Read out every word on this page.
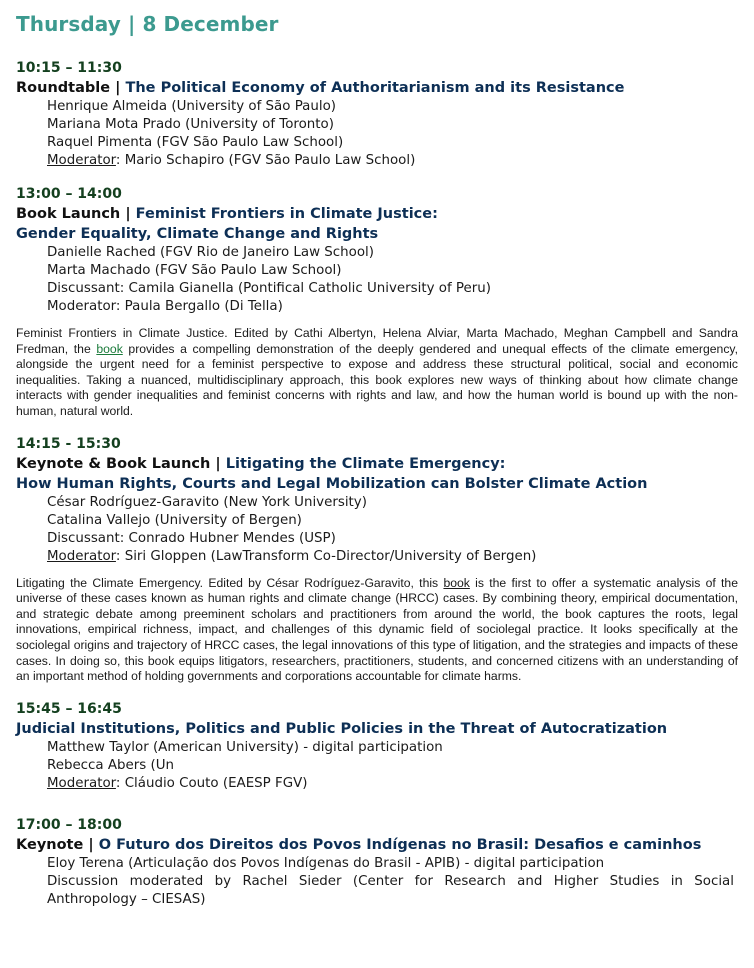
Thursday | 8 December

10:15 – 11:30

Roundtable | The Political Economy of Authoritarianism and its Resistance

Henrique Almeida (University of São Paulo)
Mariana Mota Prado (University of Toronto)
Raquel Pimenta (FGV São Paulo Law School)
Moderator: Mario Schapiro (FGV São Paulo Law School)

13:00 – 14:00

Book Launch | Feminist Frontiers in Climate Justice:

Gender Equality, Climate Change and Rights

Danielle Rached (FGV Rio de Janeiro Law School)
Marta Machado (FGV São Paulo Law School)
Discussant: Camila Gianella (Pontifical Catholic University of Peru)
Moderator: Paula Bergallo (Di Tella)

Feminist Frontiers in Climate Justice. Edited by Cathi Albertyn, Helena Alviar, Marta Machado, Meghan Campbell and Sandra Fredman, the book provides a compelling demonstration of the deeply gendered and unequal effects of the climate emergency, alongside the urgent need for a feminist perspective to expose and address these structural political, social and economic inequalities. Taking a nuanced, multidisciplinary approach, this book explores new ways of thinking about how climate change interacts with gender inequalities and feminist concerns with rights and law, and how the human world is bound up with the non-human, natural world.

14:15 - 15:30

Keynote & Book Launch | Litigating the Climate Emergency:

How Human Rights, Courts and Legal Mobilization can Bolster Climate Action

César Rodríguez-Garavito (New York University)
Catalina Vallejo (University of Bergen)
Discussant: Conrado Hubner Mendes (USP)
Moderator: Siri Gloppen (LawTransform Co-Director/University of Bergen)

Litigating the Climate Emergency. Edited by César Rodríguez-Garavito, this book is the first to offer a systematic analysis of the universe of these cases known as human rights and climate change (HRCC) cases. By combining theory, empirical documentation, and strategic debate among preeminent scholars and practitioners from around the world, the book captures the roots, legal innovations, empirical richness, impact, and challenges of this dynamic field of sociolegal practice. It looks specifically at the sociolegal origins and trajectory of HRCC cases, the legal innovations of this type of litigation, and the strategies and impacts of these cases. In doing so, this book equips litigators, researchers, practitioners, students, and concerned citizens with an understanding of an important method of holding governments and corporations accountable for climate harms.

15:45 – 16:45

Judicial Institutions, Politics and Public Policies in the Threat of Autocratization

Matthew Taylor (American University) - digital participation
Rebecca Abers (Un
Moderator: Cláudio Couto (EAESP FGV)

17:00 – 18:00

Keynote | O Futuro dos Direitos dos Povos Indígenas no Brasil: Desafios e caminhos

Eloy Terena (Articulação dos Povos Indígenas do Brasil - APIB) - digital participation
Discussion moderated by Rachel Sieder (Center for Research and Higher Studies in Social Anthropology – CIESAS)
